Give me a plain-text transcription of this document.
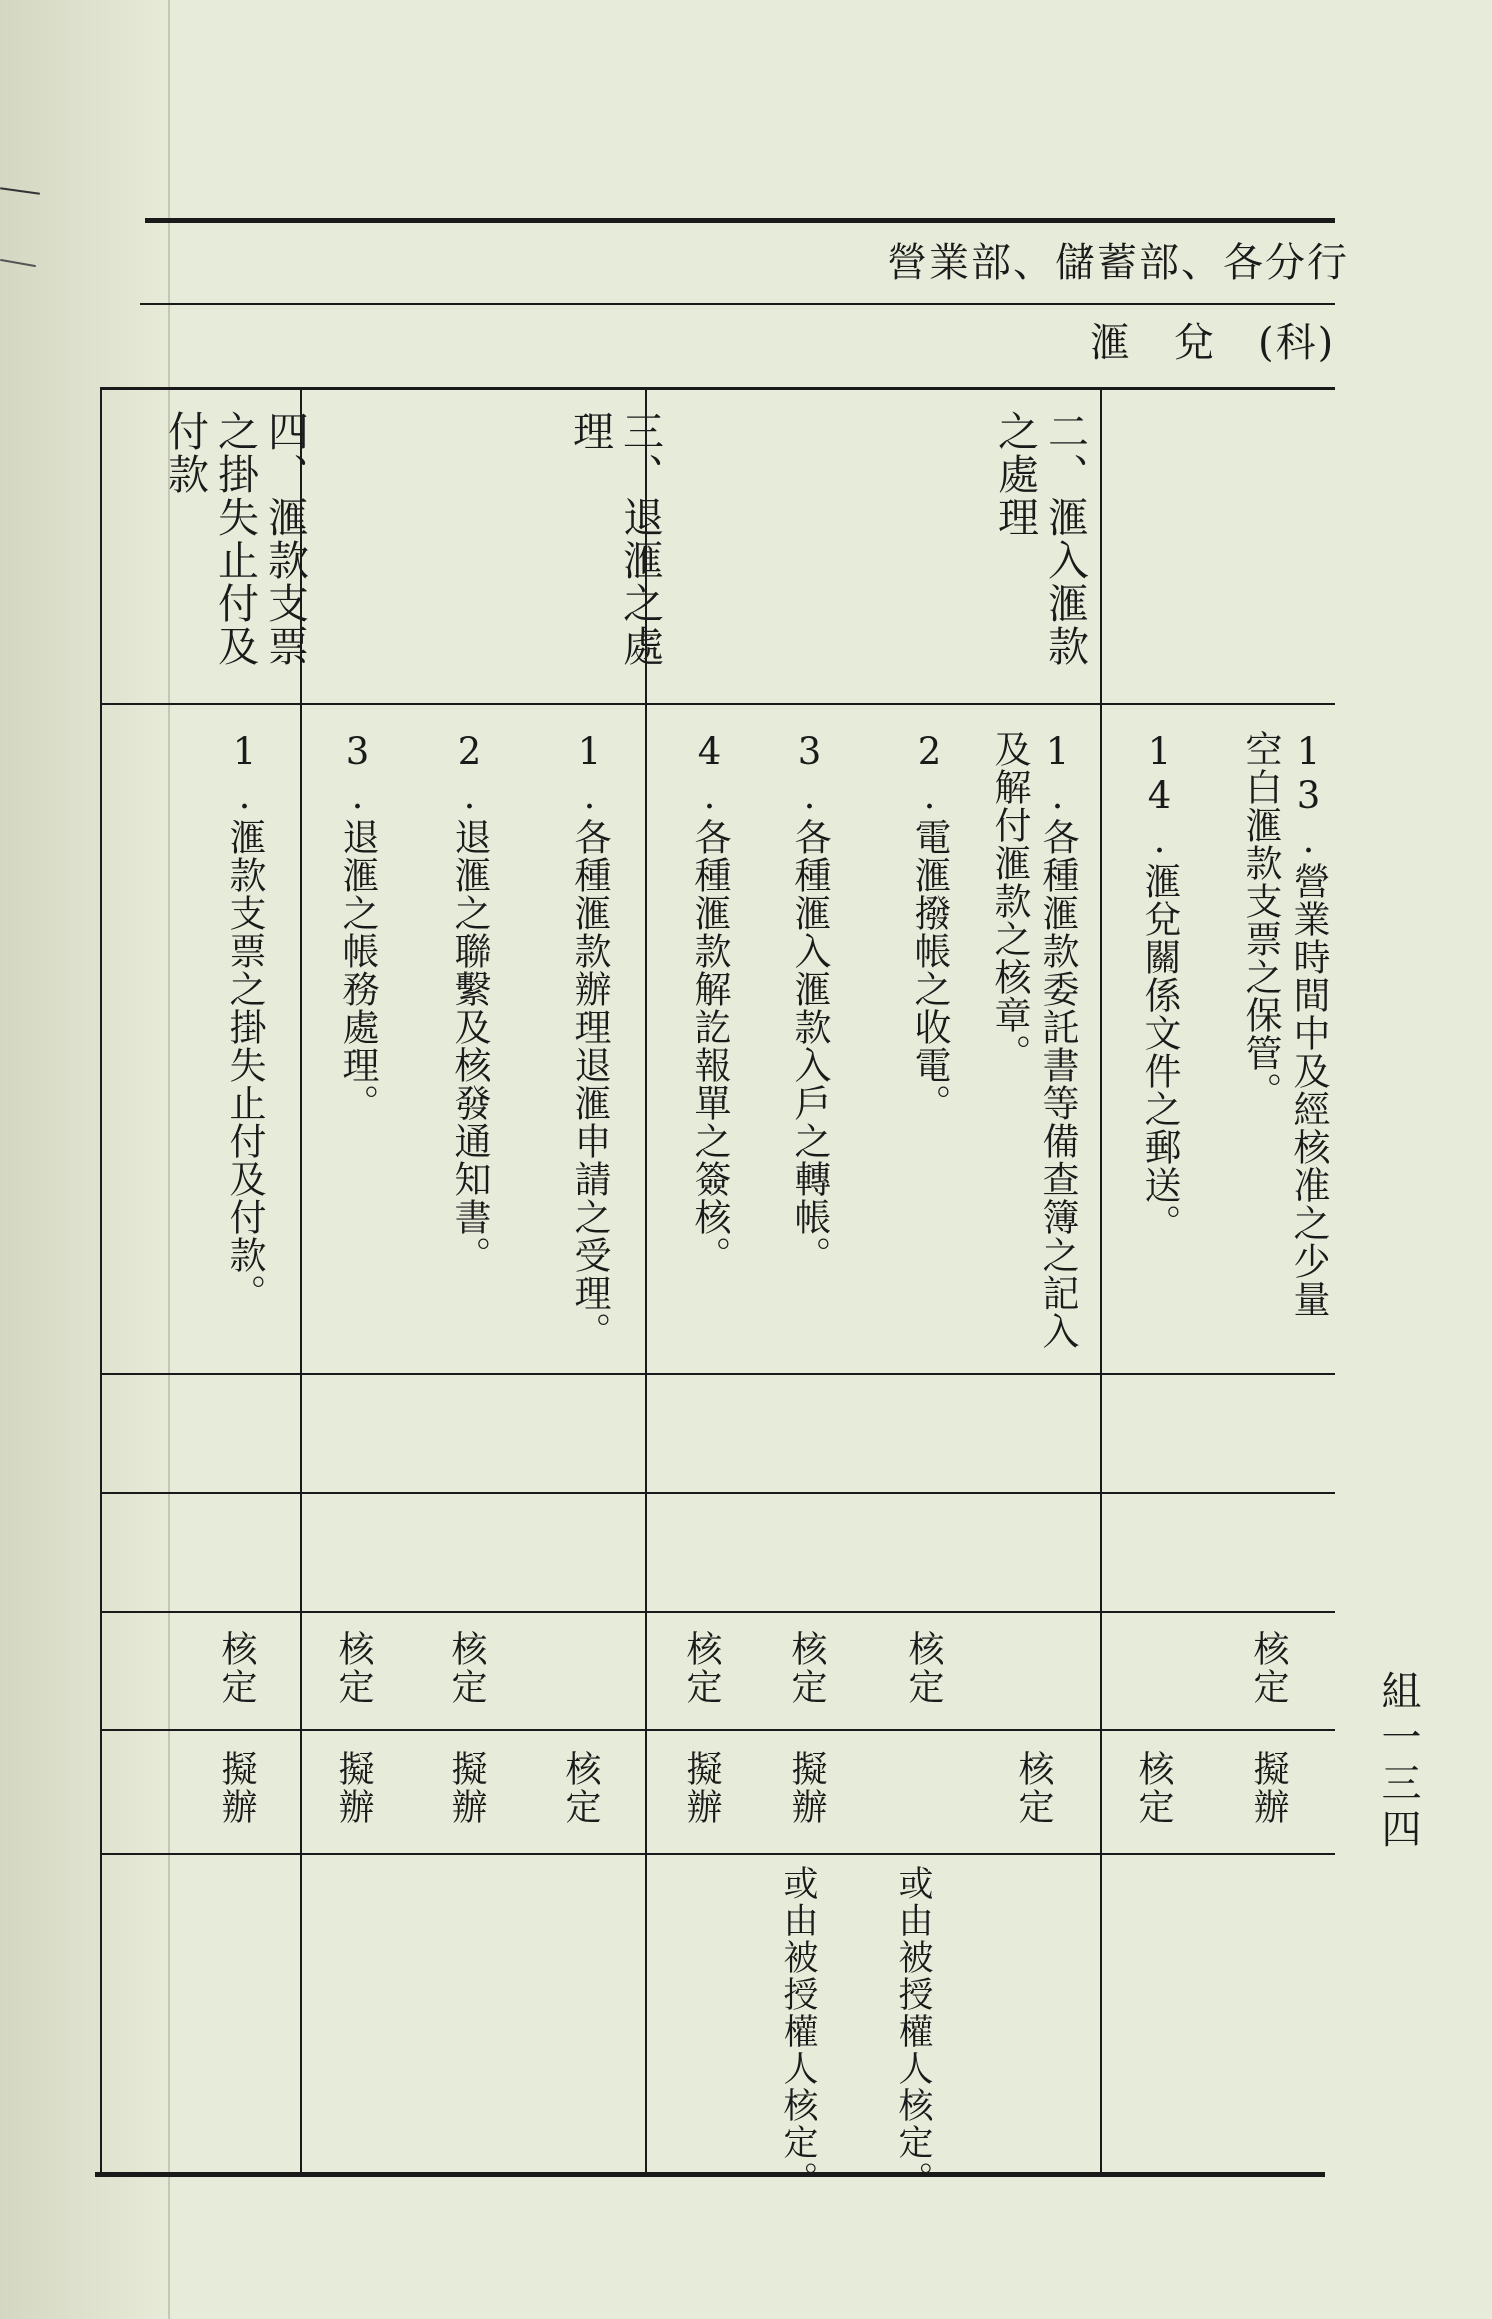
營業部、儲蓄部、各分行
滙　兌　(科)
二、滙入滙款之處理
三、退滙之處理
四、滙款支票之掛失止付及付款
13.營業時間中及經核准之少量空白滙款支票之保管。
核定
擬辦
14.滙兌關係文件之郵送。
核定
1.各種滙款委託書等備查簿之記入及解付滙款之核章。
核定
2.電滙撥帳之收電。
核定
或由被授權人核定。
3.各種滙入滙款入戶之轉帳。
核定
擬辦
或由被授權人核定。
4.各種滙款解訖報單之簽核。
核定
擬辦
1.各種滙款辦理退滙申請之受理。
核定
2.退滙之聯繫及核發通知書。
核定
擬辦
3.退滙之帳務處理。
核定
擬辦
1.滙款支票之掛失止付及付款。
核定
擬辦	組一三四
